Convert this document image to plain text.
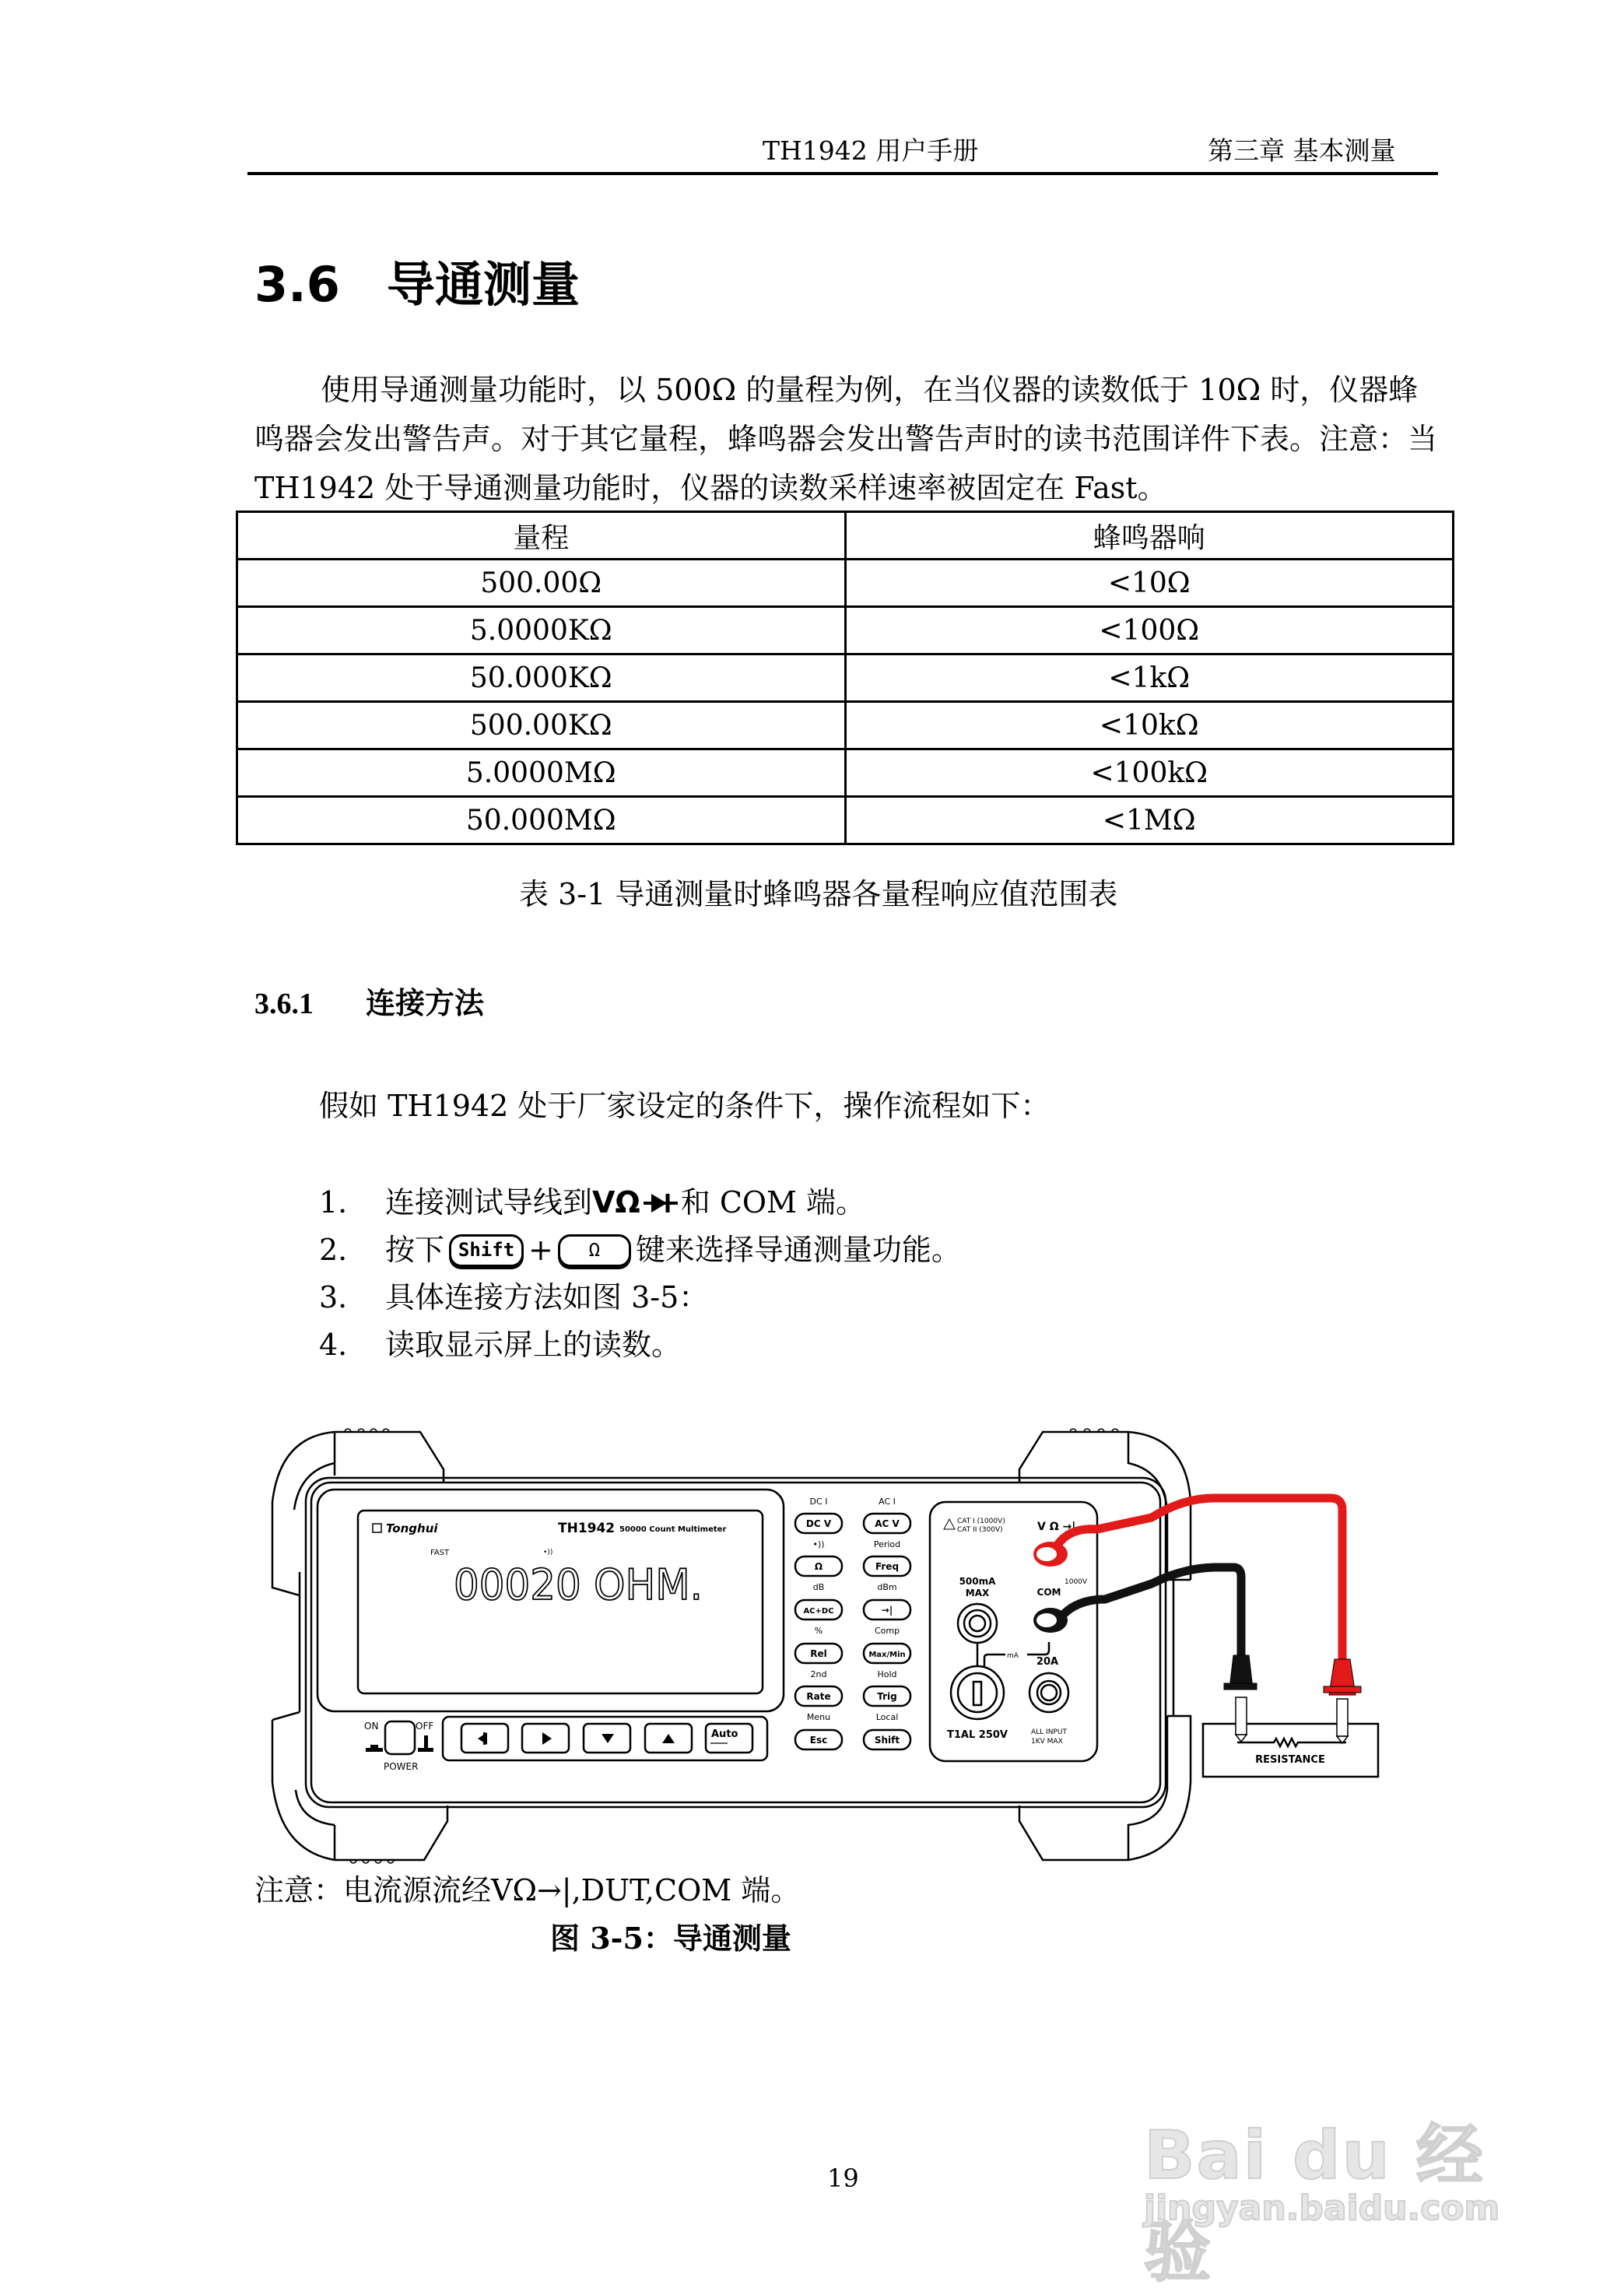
TH1942 用户手册	第三章 基本测量
3.6 导通测量
使用导通测量功能时，以 500Ω 的量程为例，在当仪器的读数低于 10Ω 时，仪器蜂鸣器会发出警告声。对于其它量程，蜂鸣器会发出警告声时的读书范围详件下表。注意：当 TH1942 处于导通测量功能时，仪器的读数采样速率被固定在 Fast。
量程	蜂鸣器响
500.00Ω	<10Ω
5.0000KΩ	<100Ω
50.000KΩ	<1kΩ
500.00KΩ	<10kΩ
5.0000MΩ	<100kΩ
50.000MΩ	<1MΩ
表 3-1 导通测量时蜂鸣器各量程响应值范围表
3.6.1 连接方法
假如 TH1942 处于厂家设定的条件下，操作流程如下：
1.	连接测试导线到 VΩ 和 COM 端。
2.	按下 Shift +	Ω	键来选择导通测量功能。
3.	具体连接方法如图 3-5：
4.	读取显示屏上的读数。
Tonghui	TH1942 50000 Count Multimeter
FAST
00020 OHM.
•))
ON	OFF
POWER
Auto
DC I
•))
dB
%
2nd
Menu
AC I
Period
dBm
Comp
Hold
Local
DC V
Ω
AC+DC
Rel
Rate
Esc
AC V
Freq
→|
Max/Min
Trig
Shift
CAT I (1000V)
CAT II (300V)	V Ω →|
500mA
MAX	COM
1000V
mA 20A
T1AL 250V	ALL INPUT
1KV MAX
RESISTANCE
注意：电流源流经VΩ→|,DUT,COM 端。
图 3-5：导通测量
19	Bai du 经验
jingyan.baidu.com
